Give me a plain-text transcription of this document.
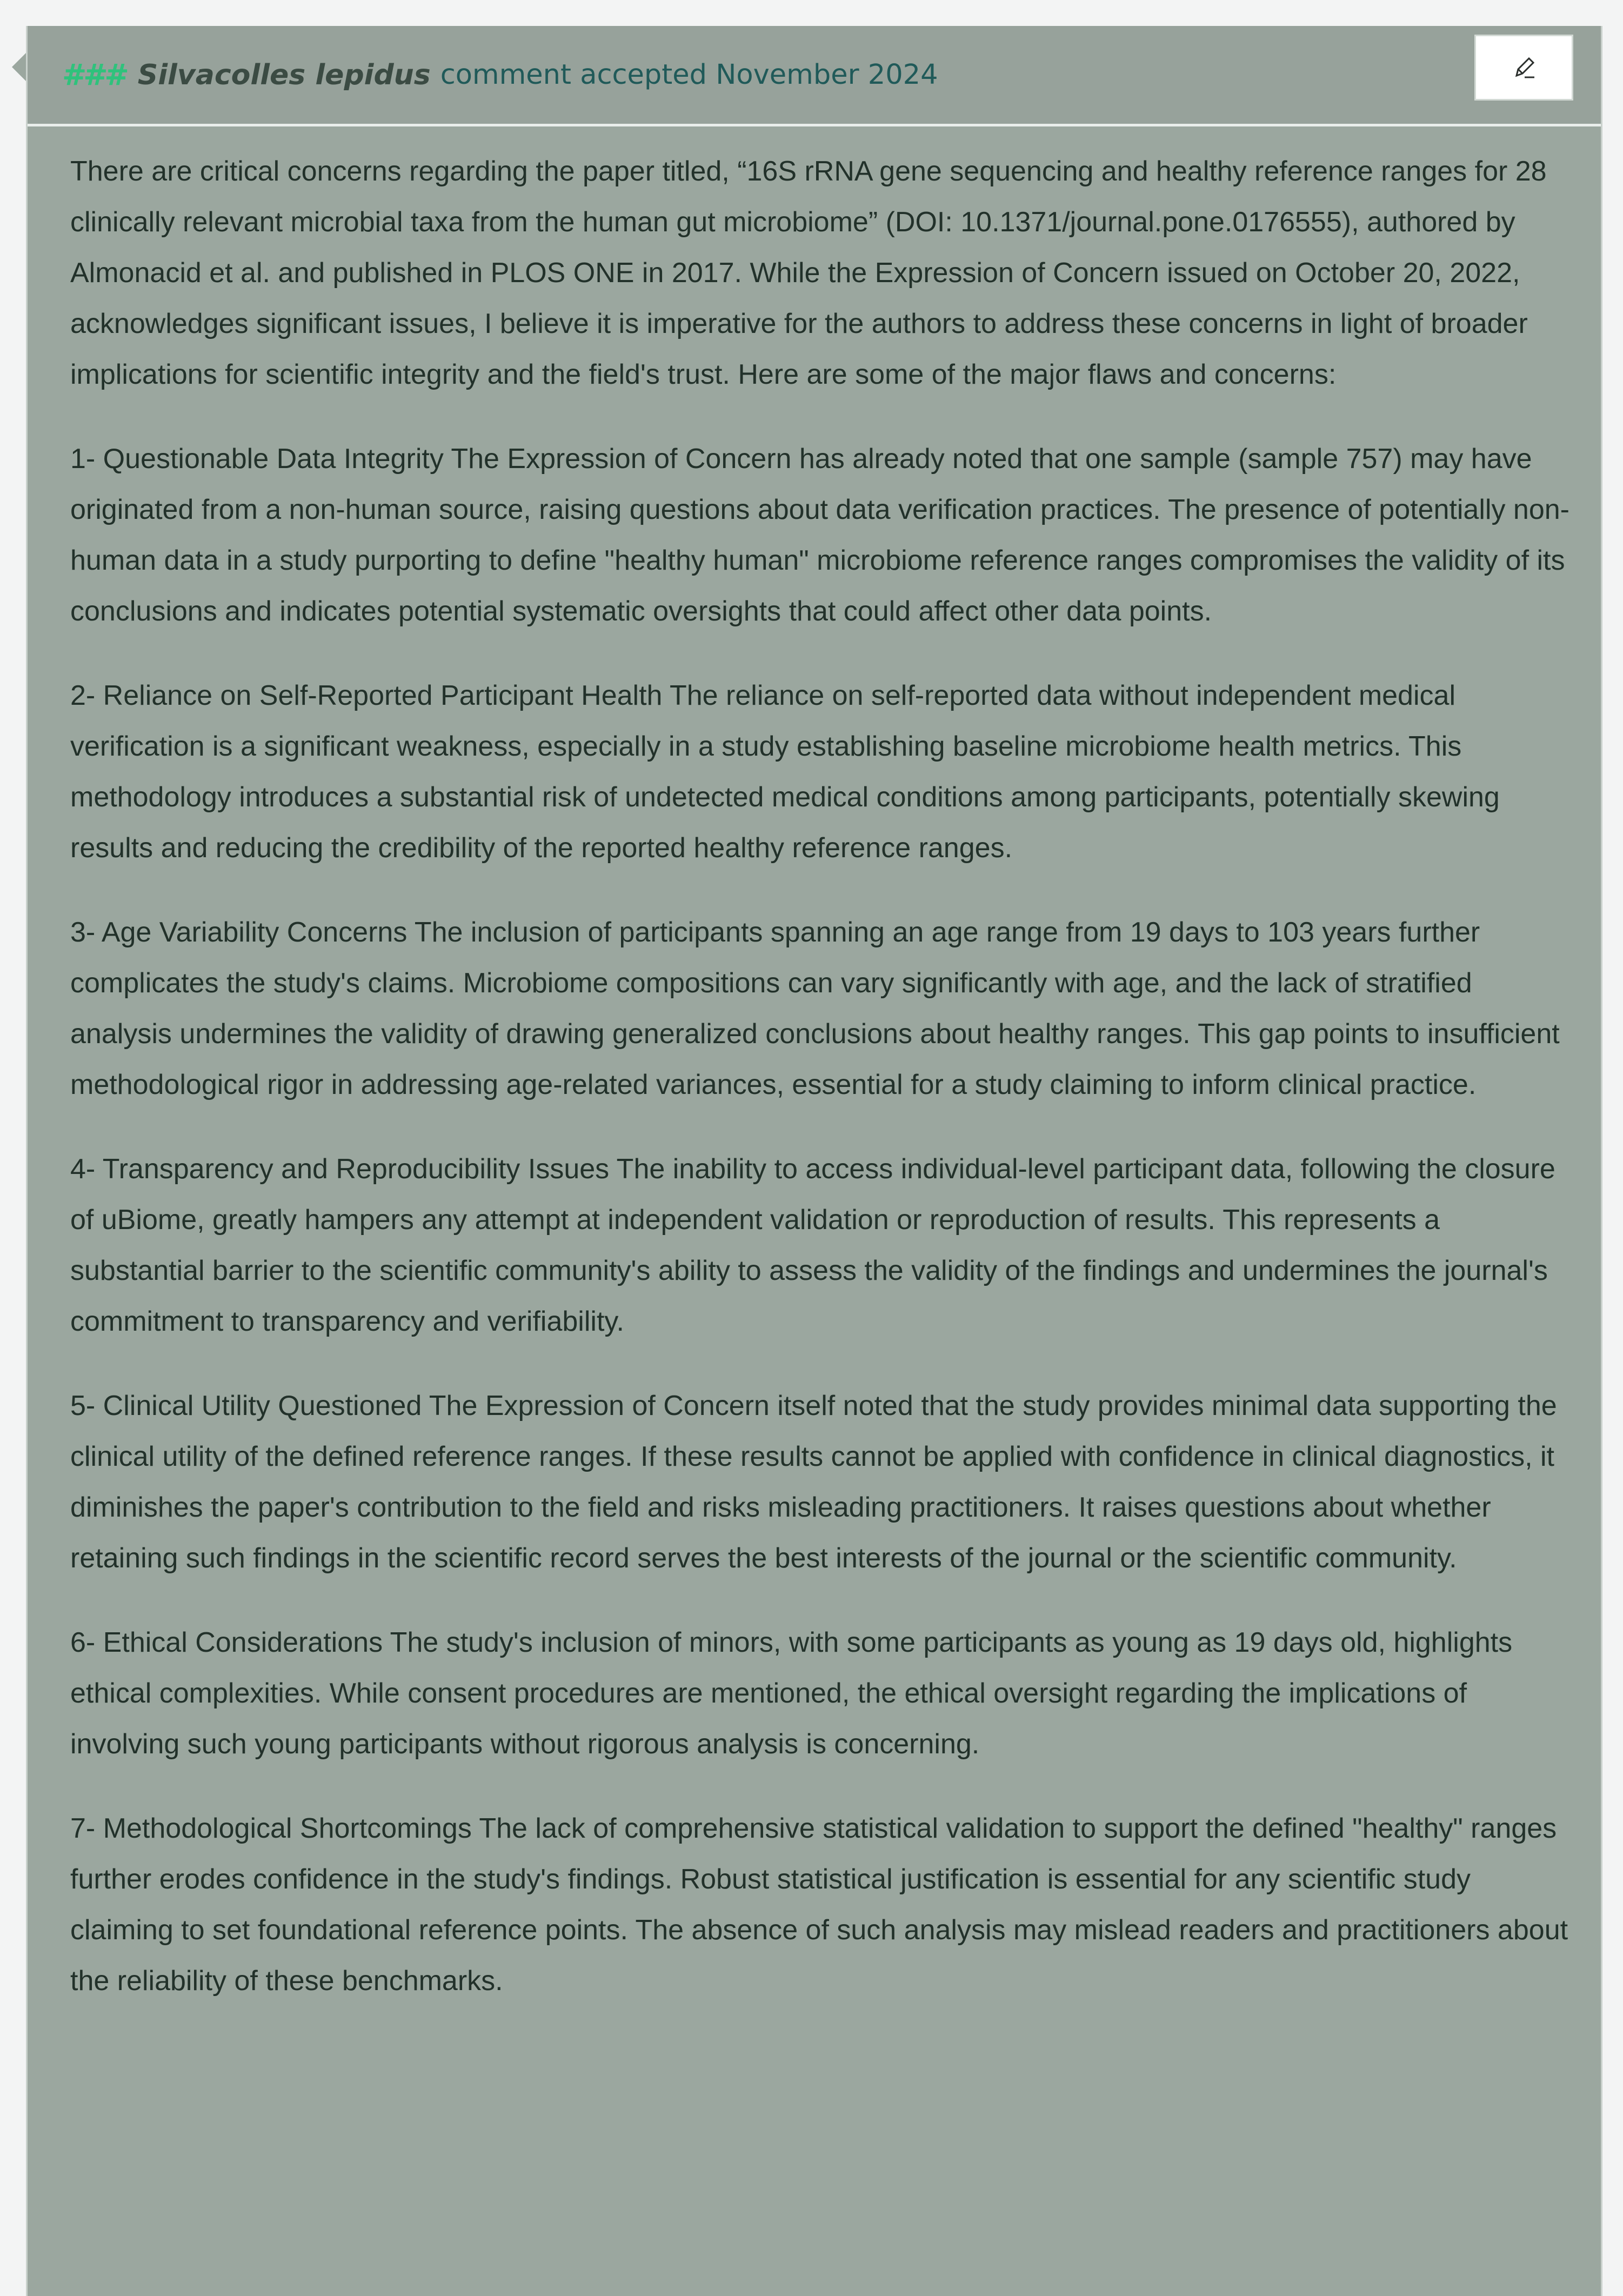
### Silvacolles lepidus comment accepted November 2024

There are critical concerns regarding the paper titled, “16S rRNA gene sequencing and healthy reference ranges for 28 clinically relevant microbial taxa from the human gut microbiome” (DOI: 10.1371/journal.pone.0176555), authored by Almonacid et al. and published in PLOS ONE in 2017. While the Expression of Concern issued on October 20, 2022, acknowledges significant issues, I believe it is imperative for the authors to address these concerns in light of broader implications for scientific integrity and the field's trust. Here are some of the major flaws and concerns:

1- Questionable Data Integrity The Expression of Concern has already noted that one sample (sample 757) may have originated from a non-human source, raising questions about data verification practices. The presence of potentially non-human data in a study purporting to define "healthy human" microbiome reference ranges compromises the validity of its conclusions and indicates potential systematic oversights that could affect other data points.

2- Reliance on Self-Reported Participant Health The reliance on self-reported data without independent medical verification is a significant weakness, especially in a study establishing baseline microbiome health metrics. This methodology introduces a substantial risk of undetected medical conditions among participants, potentially skewing results and reducing the credibility of the reported healthy reference ranges.

3- Age Variability Concerns The inclusion of participants spanning an age range from 19 days to 103 years further complicates the study's claims. Microbiome compositions can vary significantly with age, and the lack of stratified analysis undermines the validity of drawing generalized conclusions about healthy ranges. This gap points to insufficient methodological rigor in addressing age-related variances, essential for a study claiming to inform clinical practice.

4- Transparency and Reproducibility Issues The inability to access individual-level participant data, following the closure of uBiome, greatly hampers any attempt at independent validation or reproduction of results. This represents a substantial barrier to the scientific community's ability to assess the validity of the findings and undermines the journal's commitment to transparency and verifiability.

5- Clinical Utility Questioned The Expression of Concern itself noted that the study provides minimal data supporting the clinical utility of the defined reference ranges. If these results cannot be applied with confidence in clinical diagnostics, it diminishes the paper's contribution to the field and risks misleading practitioners. It raises questions about whether retaining such findings in the scientific record serves the best interests of the journal or the scientific community.

6- Ethical Considerations The study's inclusion of minors, with some participants as young as 19 days old, highlights ethical complexities. While consent procedures are mentioned, the ethical oversight regarding the implications of involving such young participants without rigorous analysis is concerning.

7- Methodological Shortcomings The lack of comprehensive statistical validation to support the defined "healthy" ranges further erodes confidence in the study's findings. Robust statistical justification is essential for any scientific study claiming to set foundational reference points. The absence of such analysis may mislead readers and practitioners about the reliability of these benchmarks.
